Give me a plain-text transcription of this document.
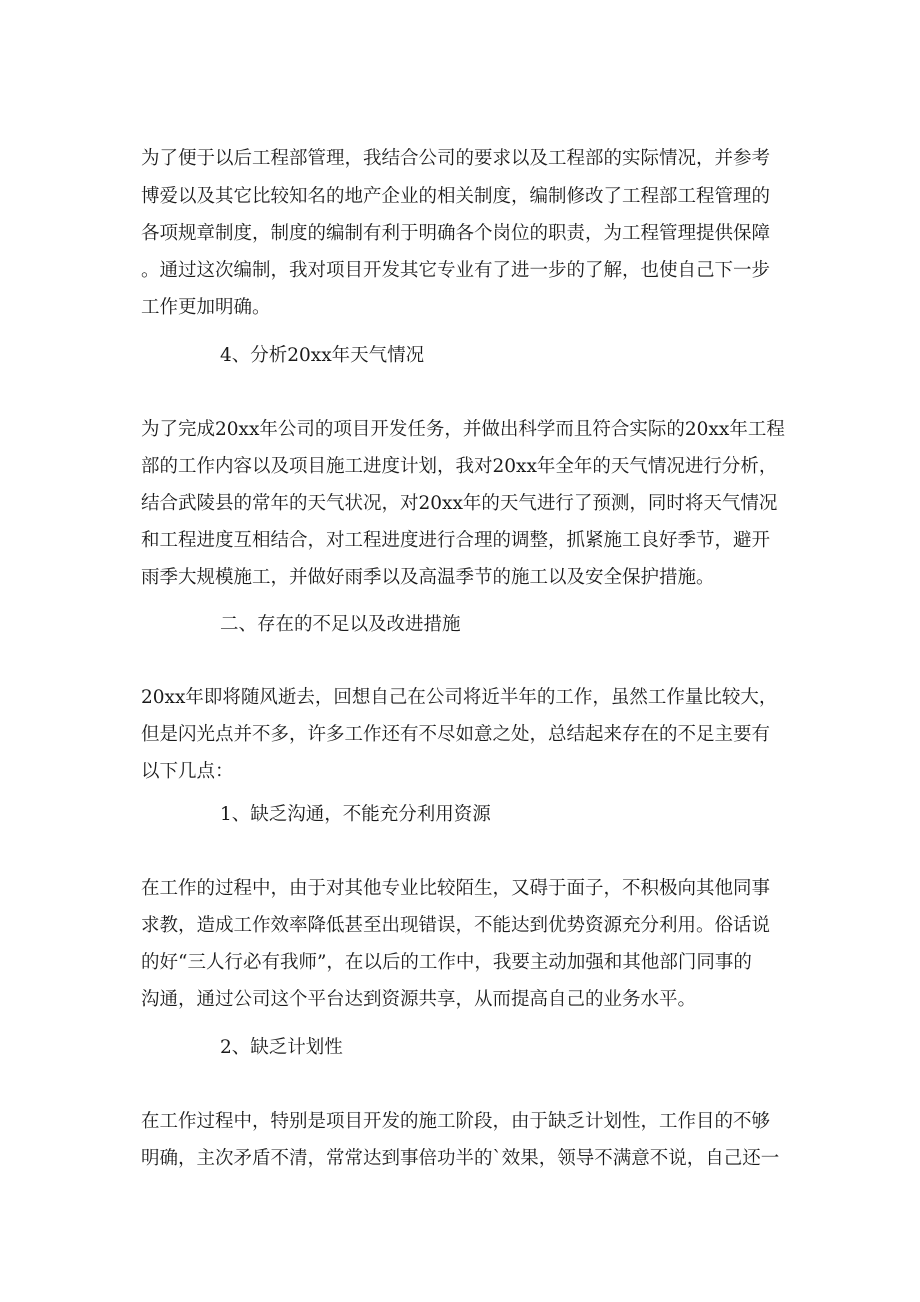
为了便于以后工程部管理，我结合公司的要求以及工程部的实际情况，并参考
博爱以及其它比较知名的地产企业的相关制度，编制修改了工程部工程管理的
各项规章制度，制度的编制有利于明确各个岗位的职责，为工程管理提供保障
。通过这次编制，我对项目开发其它专业有了进一步的了解，也使自己下一步
工作更加明确。
4、分析20xx年天气情况
为了完成20xx年公司的项目开发任务，并做出科学而且符合实际的20xx年工程
部的工作内容以及项目施工进度计划，我对20xx年全年的天气情况进行分析，
结合武陵县的常年的天气状况，对20xx年的天气进行了预测，同时将天气情况
和工程进度互相结合，对工程进度进行合理的调整，抓紧施工良好季节，避开
雨季大规模施工，并做好雨季以及高温季节的施工以及安全保护措施。
二、存在的不足以及改进措施
20xx年即将随风逝去，回想自己在公司将近半年的工作，虽然工作量比较大，
但是闪光点并不多，许多工作还有不尽如意之处，总结起来存在的不足主要有
以下几点：
1、缺乏沟通，不能充分利用资源
在工作的过程中，由于对其他专业比较陌生，又碍于面子，不积极向其他同事
求教，造成工作效率降低甚至出现错误，不能达到优势资源充分利用。俗话说
的好“三人行必有我师”，在以后的工作中，我要主动加强和其他部门同事的
沟通，通过公司这个平台达到资源共享，从而提高自己的业务水平。
2、缺乏计划性
在工作过程中，特别是项目开发的施工阶段，由于缺乏计划性，工作目的不够
明确，主次矛盾不清，常常达到事倍功半的`效果，领导不满意不说，自己还一
